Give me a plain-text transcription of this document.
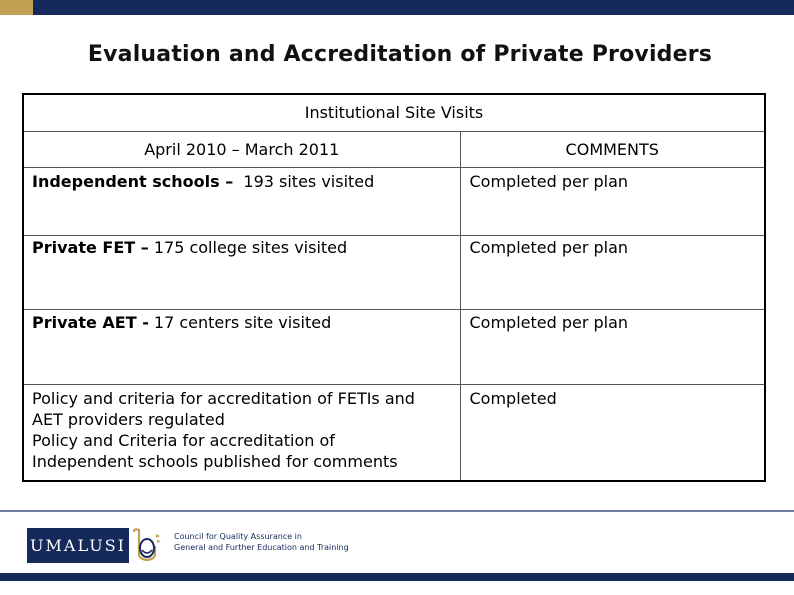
Evaluation and Accreditation of Private Providers
Institutional Site Visits	
April 2010 – March 2011	COMMENTS
Independent schools –  193 sites visited	Completed per plan
Private FET – 175 college sites visited	Completed per plan
Private AET - 17 centers site visited	Completed per plan

Policy and criteria for accreditation of FETIs and
AET providers regulated
Policy and Criteria for accreditation of
Independent schools published for comments	Completed
UMALUSI	Council for Quality Assurance in
General and Further Education and Training
